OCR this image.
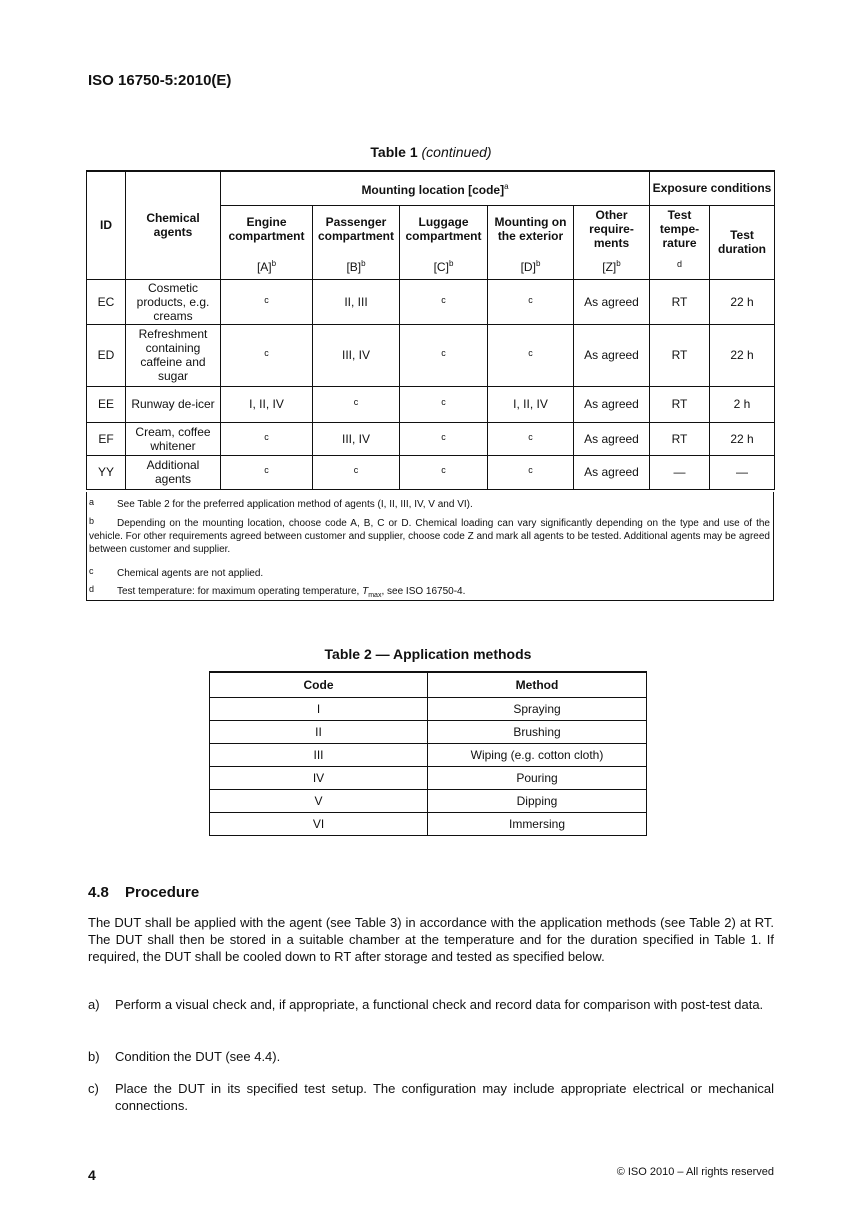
ISO 16750-5:2010(E)
Table 1 (continued)
ID	Chemical agents	Mounting location [code]$^a$					Exposure conditions	
		Engine compartment	Passenger compartment	Luggage compartment	Mounting on the exterior	Other require-ments	Test tempe-rature	Test duration
		$[A]^b$	$[B]^b$	$[C]^b$	$[D]^b$	$[Z]^b$	$^d$
EC	Cosmetic products, e.g. creams	$^c$	II, III	$^c$	$^c$	As agreed	RT	22 h
ED	Refreshment containing caffeine and sugar	$^c$	III, IV	$^c$	$^c$	As agreed	RT	22 h
EE	Runway de-icer	I, II, IV	$^c$	$^c$	I, II, IV	As agreed	RT	2 h
EF	Cream, coffee whitener	$^c$	III, IV	$^c$	$^c$	As agreed	RT	22 h
YY	Additional agents	$^c$	$^c$	$^c$	$^c$	As agreed	—	—
a	See Table 2 for the preferred application method of agents (I, II, III, IV, V and VI).
b	Depending on the mounting location, choose code A, B, C or D. Chemical loading can vary significantly depending on the type and use of the vehicle. For other requirements agreed between customer and supplier, choose code Z and mark all agents to be tested. Additional agents may be agreed between customer and supplier.
c	Chemical agents are not applied.
d	Test temperature: for maximum operating temperature, $T_{max}$, see ISO 16750-4.
Table 2 — Application methods
Code	Method
I	Spraying
II	Brushing
III	Wiping (e.g. cotton cloth)
IV	Pouring
V	Dipping
VI	Immersing
4.8 Procedure
The DUT shall be applied with the agent (see Table 3) in accordance with the application methods (see Table 2) at RT. The DUT shall then be stored in a suitable chamber at the temperature and for the duration specified in Table 1. If required, the DUT shall be cooled down to RT after storage and tested as specified below.
a)	Perform a visual check and, if appropriate, a functional check and record data for comparison with post-test data.
b)	Condition the DUT (see 4.4).
c)	Place the DUT in its specified test setup. The configuration may include appropriate electrical or mechanical connections.
4	© ISO 2010 – All rights reserved
